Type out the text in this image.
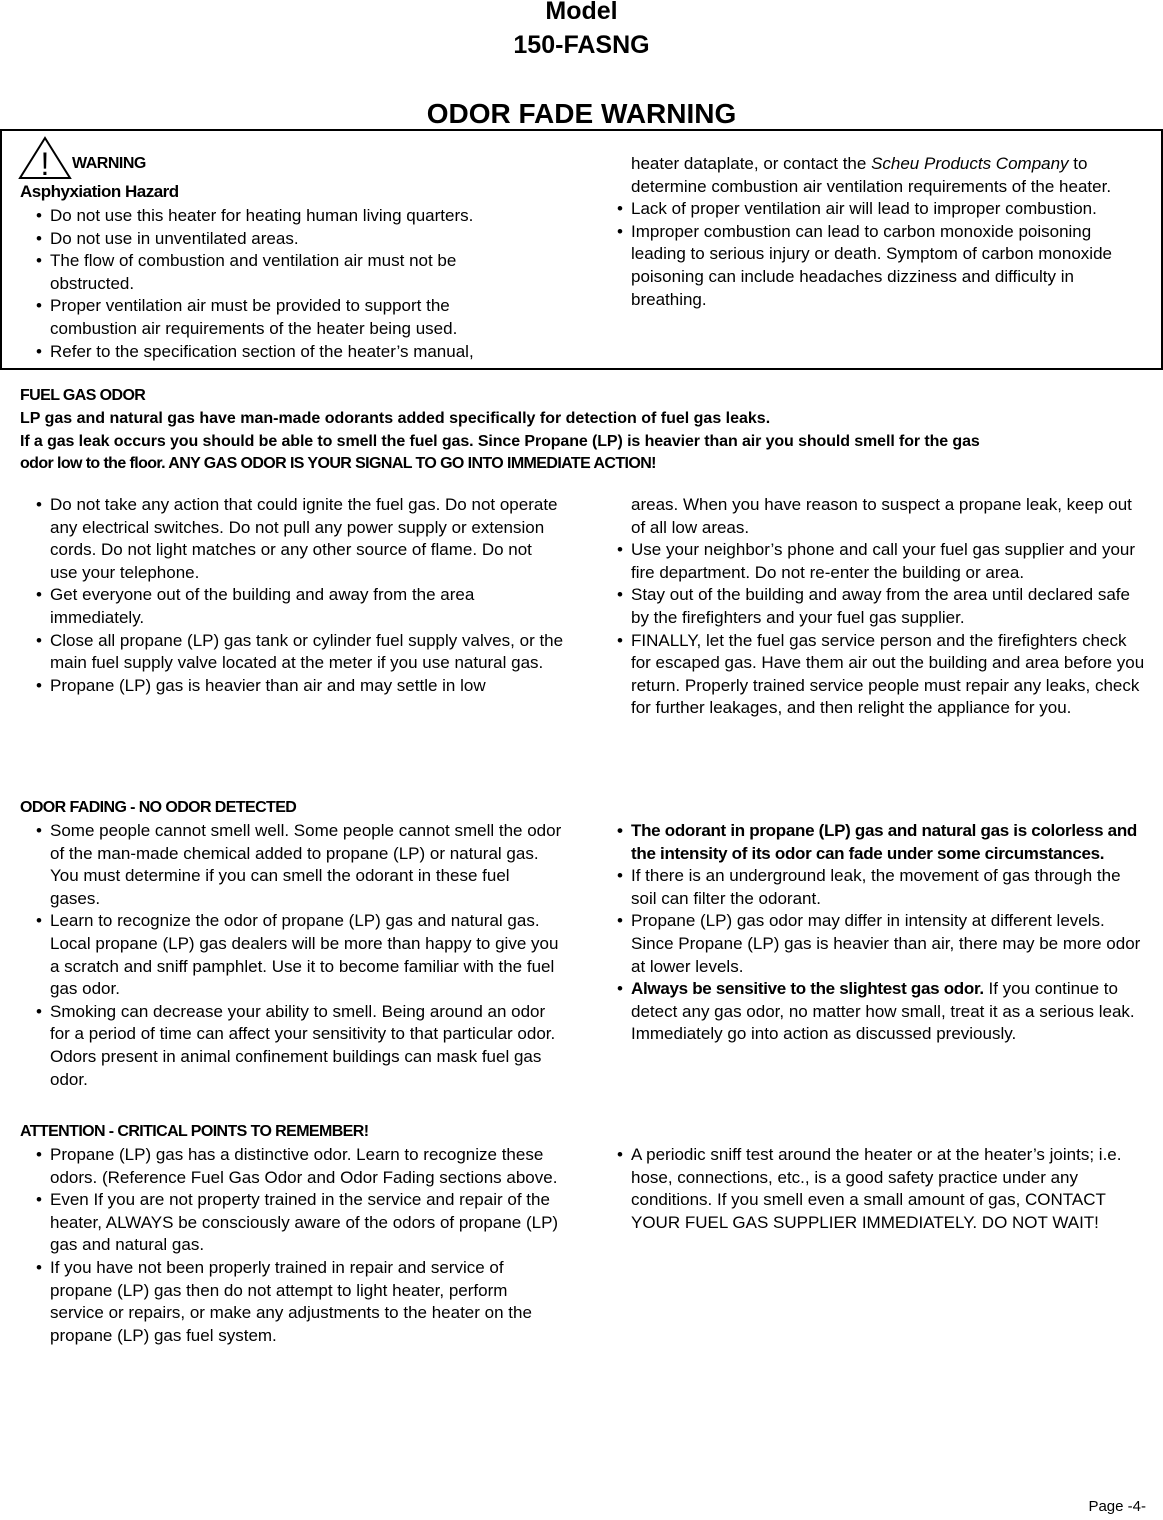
Model
150-FASNG
ODOR FADE WARNING
! WARNING
Asphyxiation Hazard
• Do not use this heater for heating human living quarters.
• Do not use in unventilated areas.
• The flow of combustion and ventilation air must not be obstructed.
• Proper ventilation air must be provided to support the combustion air requirements of the heater being used.
• Refer to the specification section of the heater’s manual,
heater dataplate, or contact the Scheu Products Company to determine combustion air ventilation requirements of the heater.
• Lack of proper ventilation air will lead to improper combustion.
• Improper combustion can lead to carbon monoxide poisoning leading to serious injury or death. Symptom of carbon monoxide poisoning can include headaches dizziness and difficulty in breathing.
FUEL GAS ODOR
LP gas and natural gas have man-made odorants added specifically for detection of fuel gas leaks.
If a gas leak occurs you should be able to smell the fuel gas. Since Propane (LP) is heavier than air you should smell for the gas
odor low to the floor. ANY GAS ODOR IS YOUR SIGNAL TO GO INTO IMMEDIATE ACTION!
• Do not take any action that could ignite the fuel gas. Do not operate any electrical switches. Do not pull any power supply or extension cords. Do not light matches or any other source of flame. Do not use your telephone.
• Get everyone out of the building and away from the area immediately.
• Close all propane (LP) gas tank or cylinder fuel supply valves, or the main fuel supply valve located at the meter if you use natural gas.
• Propane (LP) gas is heavier than air and may settle in low
areas. When you have reason to suspect a propane leak, keep out of all low areas.
• Use your neighbor’s phone and call your fuel gas supplier and your fire department. Do not re-enter the building or area.
• Stay out of the building and away from the area until declared safe by the firefighters and your fuel gas supplier.
• FINALLY, let the fuel gas service person and the firefighters check for escaped gas. Have them air out the building and area before you return. Properly trained service people must repair any leaks, check for further leakages, and then relight the appliance for you.
ODOR FADING - NO ODOR DETECTED
• Some people cannot smell well. Some people cannot smell the odor of the man-made chemical added to propane (LP) or natural gas. You must determine if you can smell the odorant in these fuel gases.
• Learn to recognize the odor of propane (LP) gas and natural gas. Local propane (LP) gas dealers will be more than happy to give you a scratch and sniff pamphlet. Use it to become familiar with the fuel gas odor.
• Smoking can decrease your ability to smell. Being around an odor for a period of time can affect your sensitivity to that particular odor. Odors present in animal confinement buildings can mask fuel gas odor.
• The odorant in propane (LP) gas and natural gas is colorless and the intensity of its odor can fade under some circumstances.
• If there is an underground leak, the movement of gas through the soil can filter the odorant.
• Propane (LP) gas odor may differ in intensity at different levels. Since Propane (LP) gas is heavier than air, there may be more odor at lower levels.
• Always be sensitive to the slightest gas odor. If you continue to detect any gas odor, no matter how small, treat it as a serious leak. Immediately go into action as discussed previously.
ATTENTION - CRITICAL POINTS TO REMEMBER!
• Propane (LP) gas has a distinctive odor. Learn to recognize these odors. (Reference Fuel Gas Odor and Odor Fading sections above.
• Even If you are not property trained in the service and repair of the heater, ALWAYS be consciously aware of the odors of propane (LP) gas and natural gas.
• If you have not been properly trained in repair and service of propane (LP) gas then do not attempt to light heater, perform service or repairs, or make any adjustments to the heater on the propane (LP) gas fuel system.
• A periodic sniff test around the heater or at the heater’s joints; i.e. hose, connections, etc., is a good safety practice under any conditions. If you smell even a small amount of gas, CONTACT YOUR FUEL GAS SUPPLIER IMMEDIATELY. DO NOT WAIT!
Page -4-
